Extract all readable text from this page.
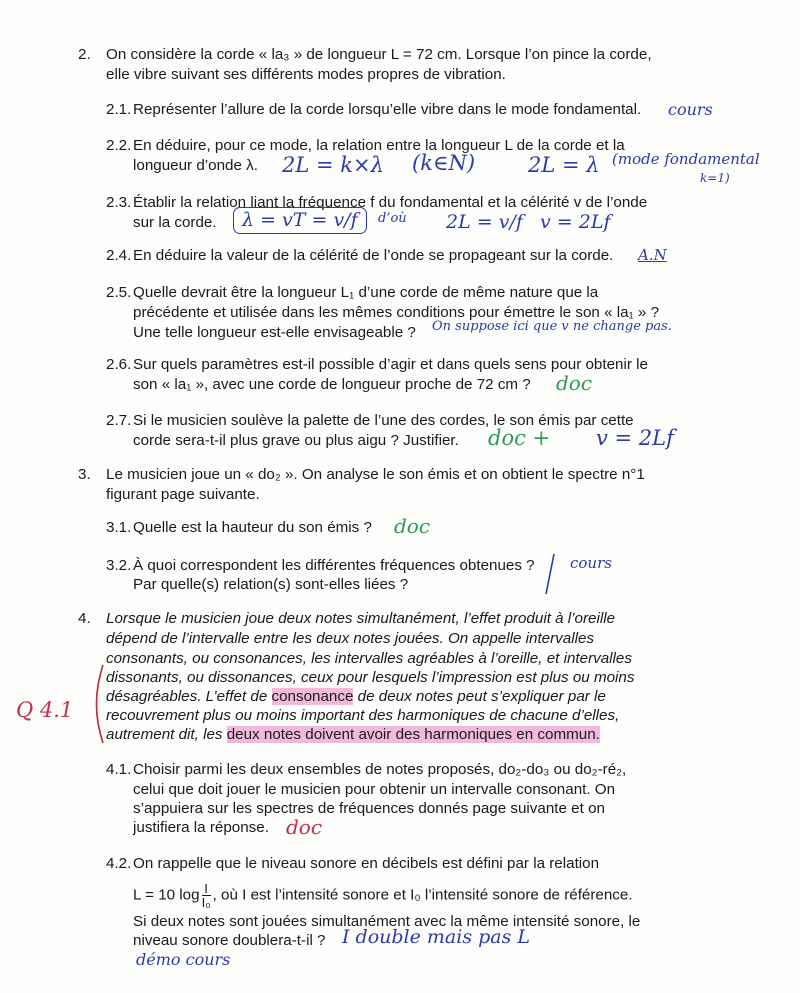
2. On considère la corde « la₃ » de longueur L = 72 cm. Lorsque l’on pince la corde,
elle vibre suivant ses différents modes propres de vibration.
2.1. Représenter l’allure de la corde lorsqu’elle vibre dans le mode fondamental. cours
2.2. En déduire, pour ce mode, la relation entre la longueur L de la corde et la
longueur d’onde λ. 2L = k×λ (k∈N)	2L = λ (mode fondamental
k=1)
2.3. Établir la relation liant la fréquence f du fondamental et la célérité v de l’onde
sur la corde.	λ = vT = v/f	d’où 2L = v/f v = 2Lf
2.4. En déduire la valeur de la célérité de l’onde se propageant sur la corde. A.N
2.5. Quelle devrait être la longueur L₁ d’une corde de même nature que la
précédente et utilisée dans les mêmes conditions pour émettre le son « la₁ » ?
Une telle longueur est-elle envisageable ? On suppose ici que v ne change pas.
2.6. Sur quels paramètres est-il possible d’agir et dans quels sens pour obtenir le
son « la₁ », avec une corde de longueur proche de 72 cm ? doc
2.7. Si le musicien soulève la palette de l’une des cordes, le son émis par cette
corde sera-t-il plus grave ou plus aigu ? Justifier. doc + v = 2Lf
3. Le musicien joue un « do₂ ». On analyse le son émis et on obtient le spectre n°1
figurant page suivante.
3.1. Quelle est la hauteur du son émis ? doc
3.2. À quoi correspondent les différentes fréquences obtenues ?
Par quelle(s) relation(s) sont-elles liées ?
cours
4. Lorsque le musicien joue deux notes simultanément, l’effet produit à l’oreille
dépend de l’intervalle entre les deux notes jouées. On appelle intervalles
consonants, ou consonances, les intervalles agréables à l’oreille, et intervalles
dissonants, ou dissonances, ceux pour lesquels l’impression est plus ou moins
désagréables. L’effet de consonance de deux notes peut s’expliquer par le
recouvrement plus ou moins important des harmoniques de chacune d’elles,
autrement dit, les deux notes doivent avoir des harmoniques en commun.
Q 4.1
4.1. Choisir parmi les deux ensembles de notes proposés, do₂-do₃ ou do₂-ré₂,
celui que doit jouer le musicien pour obtenir un intervalle consonant. On
s’appuiera sur les spectres de fréquences donnés page suivante et on
justifiera la réponse. doc
4.2. On rappelle que le niveau sonore en décibels est défini par la relation
L = 10 $\log \frac{I}{\text{I₀}}$ , où I est l’intensité sonore et I₀ l’intensité sonore de référence.
Si deux notes sont jouées simultanément avec la même intensité sonore, le
niveau sonore doublera-t-il ? I double mais pas L
démo cours
